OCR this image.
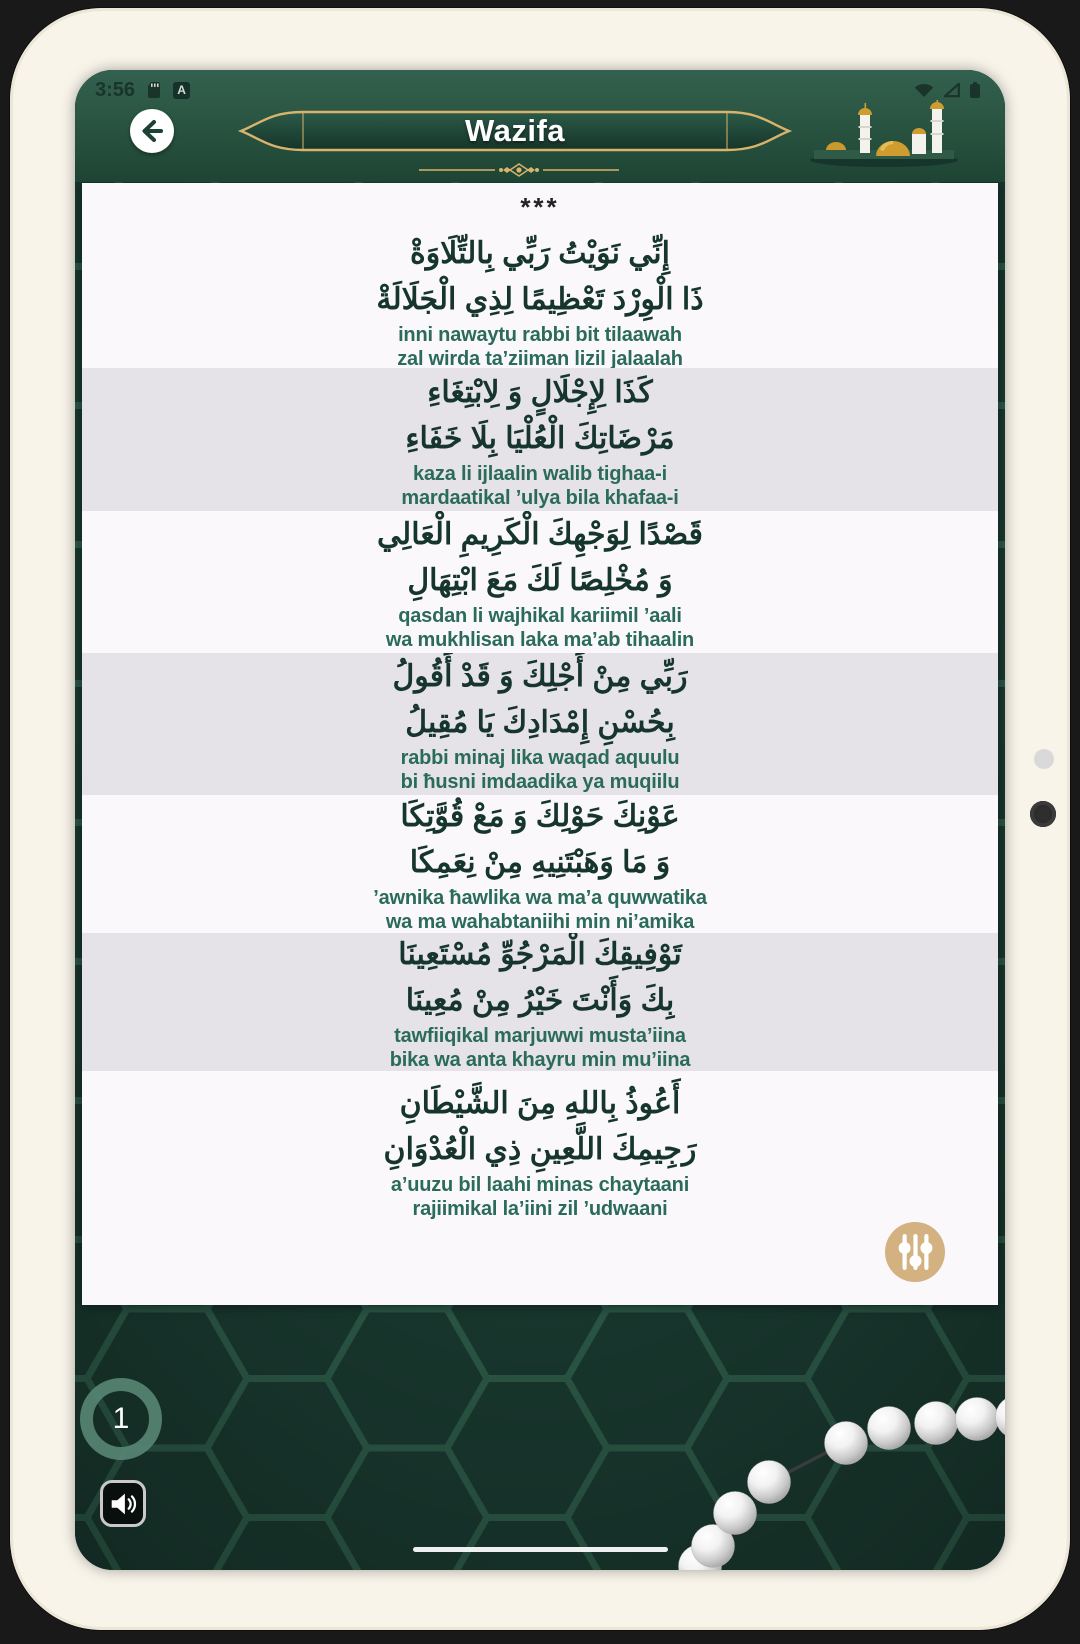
3:56	A
Wazifa

***

إِنِّي نَوَيْتُ رَبِّي بِالتِّلَاوَةْ

ذَا الْوِرْدَ تَعْظِيمًا لِذِي الْجَلَالَةْ

inni nawaytu rabbi bit tilaawah

zal wirda ta’ziiman lizil jalaalah

كَذَا لِإِجْلَالٍ وَ لِابْتِغَاءِ

مَرْضَاتِكَ الْعُلْيَا بِلَا خَفَاءِ

kaza li ijlaalin walib tighaa-i

mardaatikal ’ulya bila khafaa-i

قَصْدًا لِوَجْهِكَ الْكَرِيمِ الْعَالِي

وَ مُخْلِصًا لَكَ مَعَ ابْتِهَالِ

qasdan li wajhikal kariimil ’aali

wa mukhlisan laka ma’ab tihaalin

رَبِّي مِنْ أَجْلِكَ وَ قَدْ أَقُولُ

بِحُسْنِ إِمْدَادِكَ يَا مُقِيلُ

rabbi minaj lika waqad aquulu

bi ħusni imdaadika ya muqiilu

عَوْنِكَ حَوْلِكَ وَ مَعْ قُوَّتِكَا

وَ مَا وَهَبْتَنِيهِ مِنْ نِعَمِكَا

’awnika ħawlika wa ma’a quwwatika

wa ma wahabtaniihi min ni’amika

تَوْفِيقِكَ الْمَرْجُوِّ مُسْتَعِينَا

بِكَ وَأَنْتَ خَيْرُ مِنْ مُعِينَا

tawfiiqikal marjuwwi musta’iina

bika wa anta khayru min mu’iina

أَعُوذُ بِاللهِ مِنَ الشَّيْطَانِ

رَجِيمِكَ اللَّعِينِ ذِي الْعُدْوَانِ

a’uuzu bil laahi minas chaytaani

rajiimikal la’iini zil ’udwaani

1
